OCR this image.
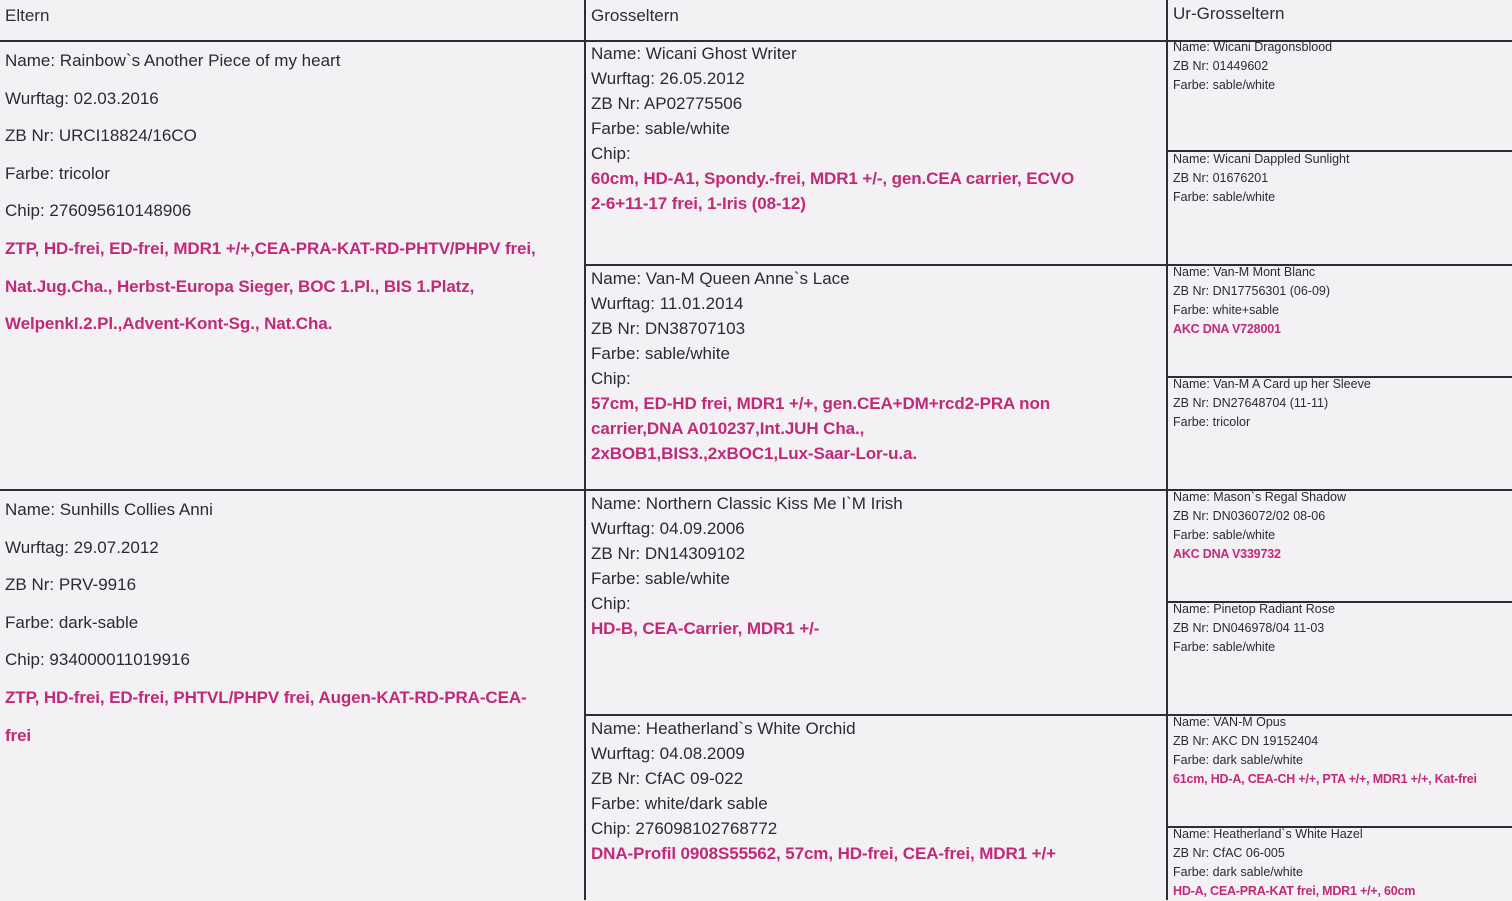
Eltern	Grosseltern	Ur-Grosseltern
Name: Rainbow`s Another Piece of my heart
Wurftag: 02.03.2016
ZB Nr: URCI18824/16CO
Farbe: tricolor
Chip: 276095610148906
ZTP, HD-frei, ED-frei, MDR1 +/+,CEA-PRA-KAT-RD-PHTV/PHPV frei,
Nat.Jug.Cha., Herbst-Europa Sieger, BOC 1.Pl., BIS 1.Platz,
Welpenkl.2.Pl.,Advent-Kont-Sg., Nat.Cha.
Name: Sunhills Collies Anni
Wurftag: 29.07.2012
ZB Nr: PRV-9916
Farbe: dark-sable
Chip: 934000011019916
ZTP, HD-frei, ED-frei, PHTVL/PHPV frei, Augen-KAT-RD-PRA-CEA-
frei
Name: Wicani Ghost Writer
Wurftag: 26.05.2012
ZB Nr: AP02775506
Farbe: sable/white
Chip:
60cm, HD-A1, Spondy.-frei, MDR1 +/-, gen.CEA carrier, ECVO
2-6+11-17 frei, 1-Iris (08-12)
Name: Van-M Queen Anne`s Lace
Wurftag: 11.01.2014
ZB Nr: DN38707103
Farbe: sable/white
Chip:
57cm, ED-HD frei, MDR1 +/+, gen.CEA+DM+rcd2-PRA non
carrier,DNA A010237,Int.JUH Cha.,
2xBOB1,BIS3.,2xBOC1,Lux-Saar-Lor-u.a.
Name: Northern Classic Kiss Me I`M Irish
Wurftag: 04.09.2006
ZB Nr: DN14309102
Farbe: sable/white
Chip:
HD-B, CEA-Carrier, MDR1 +/-
Name: Heatherland`s White Orchid
Wurftag: 04.08.2009
ZB Nr: CfAC 09-022
Farbe: white/dark sable
Chip: 276098102768772
DNA-Profil 0908S55562, 57cm, HD-frei, CEA-frei, MDR1 +/+
Name: Wicani Dragonsblood
ZB Nr: 01449602
Farbe: sable/white
Name: Wicani Dappled Sunlight
ZB Nr: 01676201
Farbe: sable/white
Name: Van-M Mont Blanc
ZB Nr: DN17756301 (06-09)
Farbe: white+sable
AKC DNA V728001
Name: Van-M A Card up her Sleeve
ZB Nr: DN27648704 (11-11)
Farbe: tricolor
Name: Mason`s Regal Shadow
ZB Nr: DN036072/02 08-06
Farbe: sable/white
AKC DNA V339732
Name: Pinetop Radiant Rose
ZB Nr: DN046978/04 11-03
Farbe: sable/white
Name: VAN-M Opus
ZB Nr: AKC DN 19152404
Farbe: dark sable/white
61cm, HD-A, CEA-CH +/+, PTA +/+, MDR1 +/+, Kat-frei
Name: Heatherland`s White Hazel
ZB Nr: CfAC 06-005
Farbe: dark sable/white
HD-A, CEA-PRA-KAT frei, MDR1 +/+, 60cm
